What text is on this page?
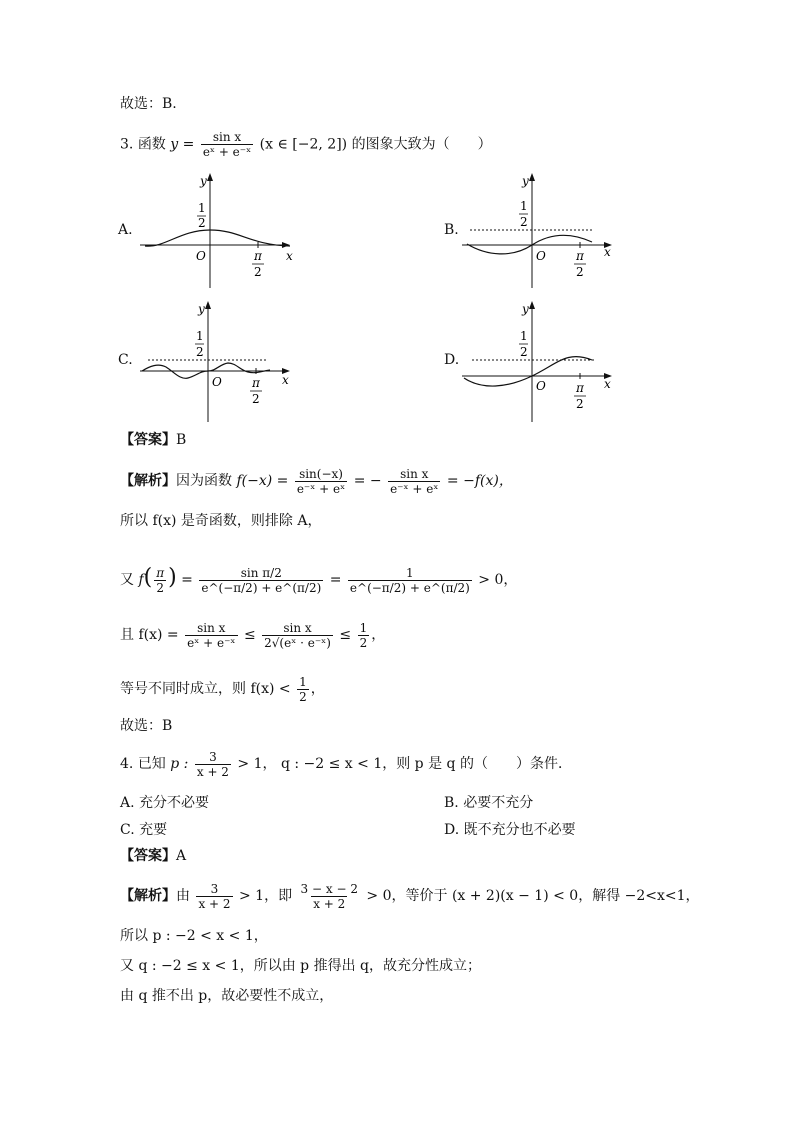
故选：B.
3. 函数 $y = \frac{\text{sin x}}{\text{eˣ + e⁻ˣ}} (x$ ∈ [−2, 2]) 的图象大致为（　　）
A.	B.
C.	D.
y
x
O
1
2
π
2
y
x
O
1
2
π
2
y
x
O
1
2
π
2
y
x
O
1
2
π
2
【答案】B
【解析】因为函数 $f(-x) = \frac{\sin(-x)}{\text{e⁻ˣ + eˣ}}$ = − $\frac{\text{sin x}}{\text{e⁻ˣ + eˣ}} = -f(x)$，
所以 f(x) 是奇函数，则排除 A，
又 $f( \frac{\pi}{2}$ ) = $\frac{\text{sin π/2}}{e\^{}(-\pi/2) + e\^{}(\pi/2)} = \frac{1}{e\^{}(-\pi/2) + e\^{}(\pi/2)} > 0$，
且 $f(x) = \frac{\text{sin x}}{\text{eˣ + e⁻ˣ}} \le \frac{\text{sin x}}{\text{2√(eˣ · e⁻ˣ)}} \le \frac{1}{2}$ ，
等号不同时成立，则 $f(x) < \frac{1}{2}$ ，
故选：B
4. 已知 p : $\frac{3}{x + 2} > 1$， q : −2 ≤ x < 1，则 p 是 q 的（　　）条件．
A. 充分不必要	B. 必要不充分
C. 充要	D. 既不充分也不必要
【答案】A
【解析】由 $\frac{3}{x + 2} > 1$，即 $\frac{3 - x - 2}{x + 2} > 0$，等价于 (x + 2)(x − 1) < 0，解得 −2<x<1，
所以 p : −2 < x < 1，
又 q : −2 ≤ x < 1，所以由 p 推得出 q，故充分性成立；
由 q 推不出 p，故必要性不成立，
